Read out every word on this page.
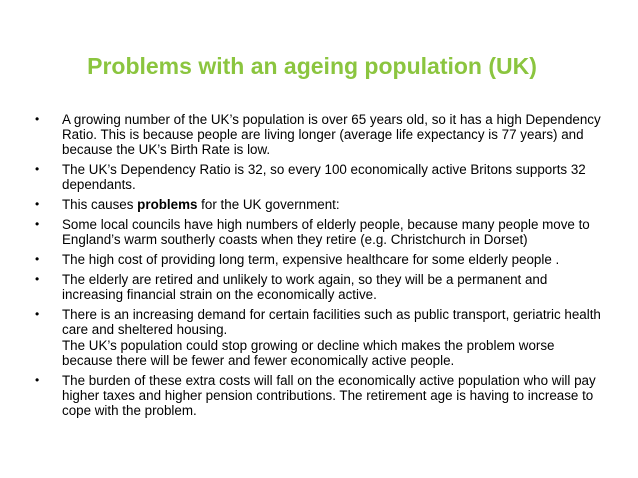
Problems with an ageing population (UK)
• A growing number of the UK’s population is over 65 years old, so it has a high Dependency Ratio. This is because people are living longer (average life expectancy is 77 years) and because the UK’s Birth Rate is low.
• The UK’s Dependency Ratio is 32, so every 100 economically active Britons supports 32 dependants.
• This causes problems for the UK government:
• Some local councils have high numbers of elderly people, because many people move to England’s warm southerly coasts when they retire (e.g. Christchurch in Dorset)
• The high cost of providing long term, expensive healthcare for some elderly people .
• The elderly are retired and unlikely to work again, so they will be a permanent and increasing financial strain on the economically active.
• There is an increasing demand for certain facilities such as public transport, geriatric health care and sheltered housing.
The UK’s population could stop growing or decline which makes the problem worse because there will be fewer and fewer economically active people.
• The burden of these extra costs will fall on the economically active population who will pay higher taxes and higher pension contributions. The retirement age is having to increase to cope with the problem.
